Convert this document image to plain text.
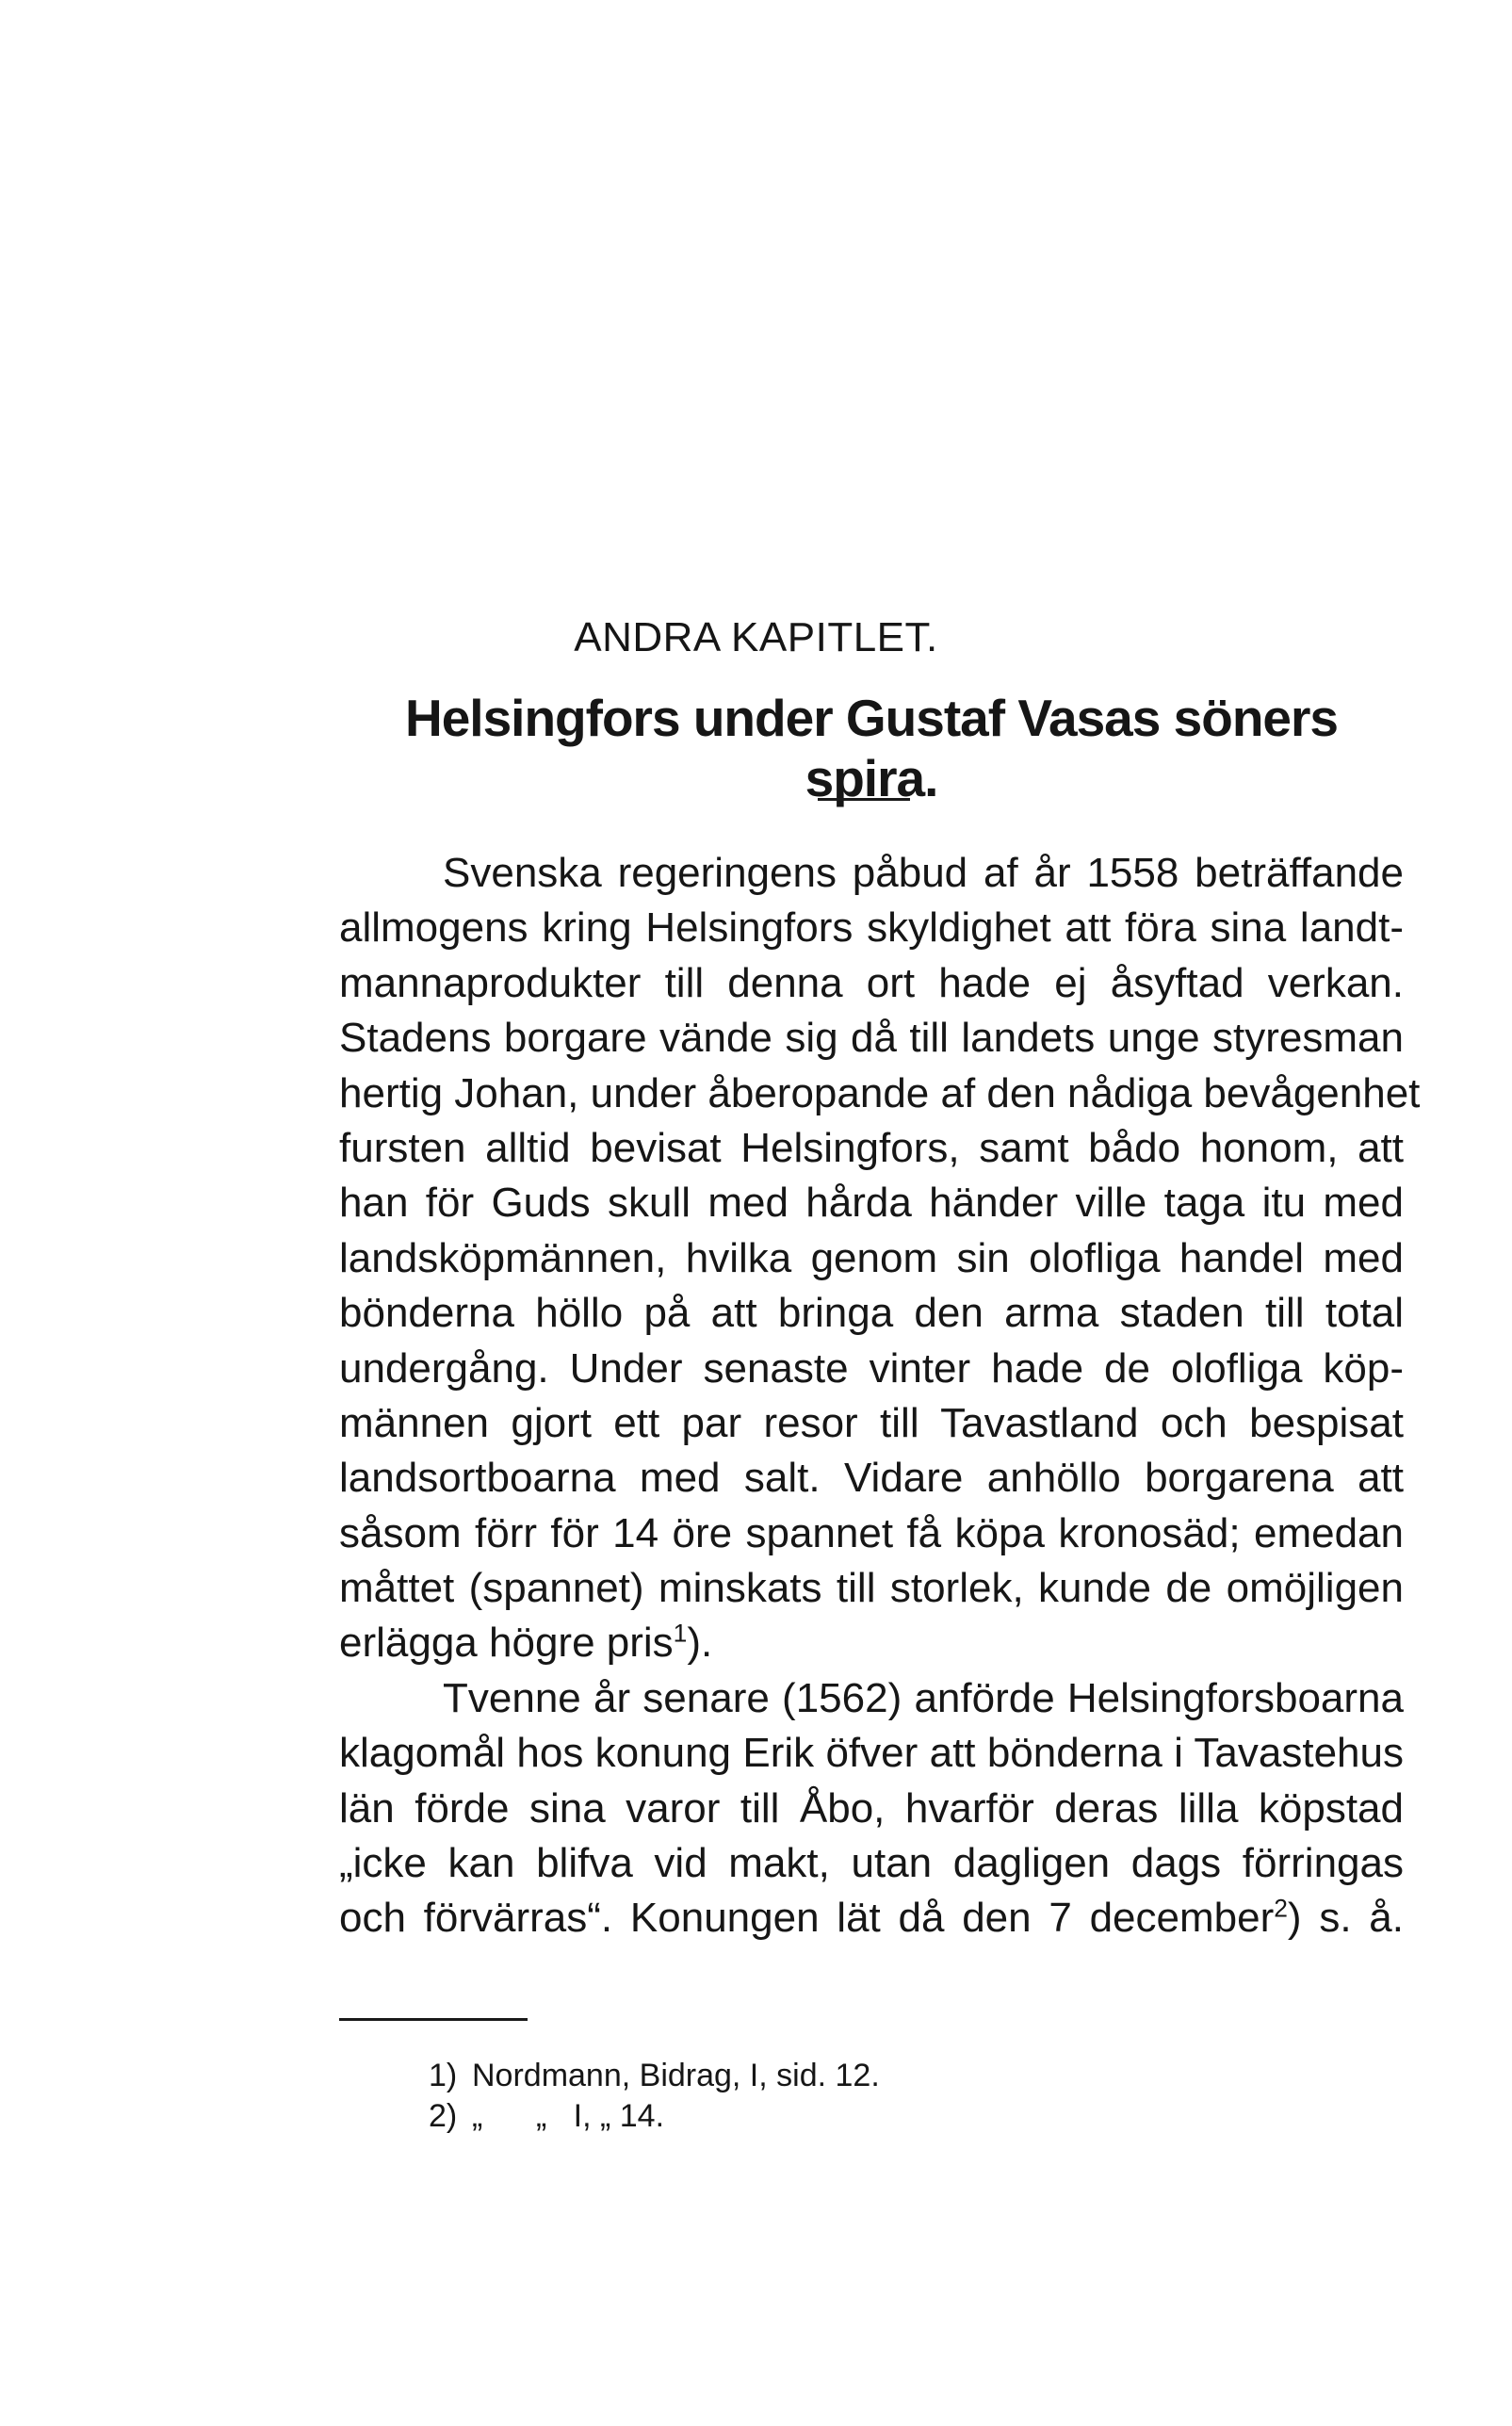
ANDRA KAPITLET.
Helsingfors under Gustaf Vasas söners spira.
Svenska regeringens påbud af år 1558 beträffande
allmogens kring Helsingfors skyldighet att föra sina landt-
mannaprodukter till denna ort hade ej åsyftad verkan.
Stadens borgare vände sig då till landets unge styresman
hertig Johan, under åberopande af den nådiga bevågenhet
fursten alltid bevisat Helsingfors, samt bådo honom, att
han för Guds skull med hårda händer ville taga itu med
landsköpmännen, hvilka genom sin olofliga handel med
bönderna höllo på att bringa den arma staden till total
undergång. Under senaste vinter hade de olofliga köp-
männen gjort ett par resor till Tavastland och bespisat
landsortboarna med salt. Vidare anhöllo borgarena att
såsom förr för 14 öre spannet få köpa kronosäd; emedan
måttet (spannet) minskats till storlek, kunde de omöjligen
erlägga högre pris$^1$).
Tvenne år senare (1562) anförde Helsingforsboarna
klagomål hos konung Erik öfver att bönderna i Tavastehus
län förde sina varor till Åbo, hvarför deras lilla köpstad
„icke kan blifva vid makt, utan dagligen dags förringas
och förvärras“. Konungen lät då den 7 december$^2$) s. å.
1) Nordmann, Bidrag, I, sid. 12.
2) „      „   I, „ 14.
